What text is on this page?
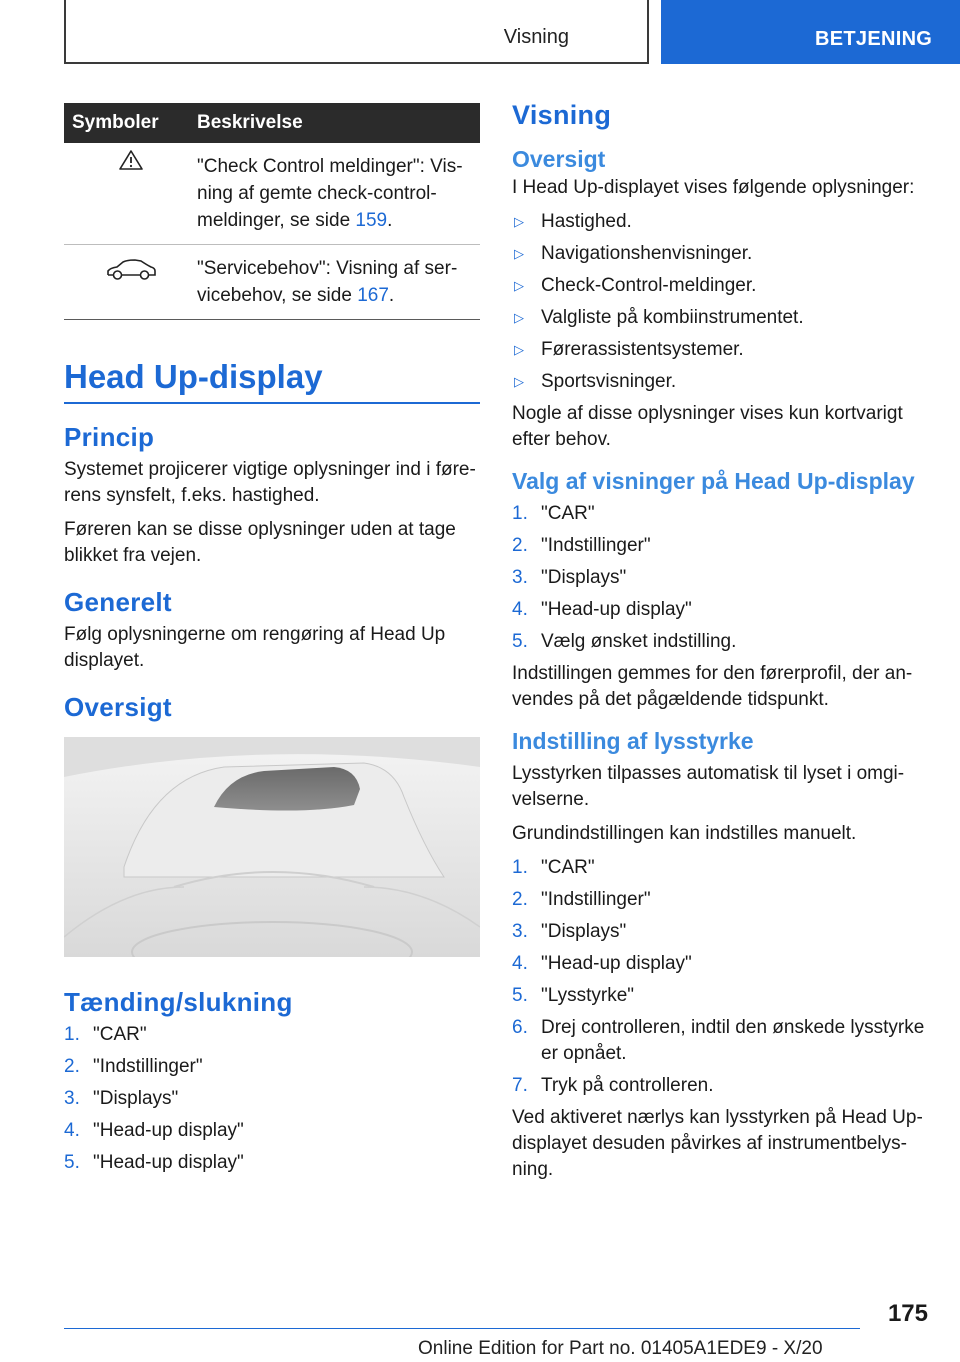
Visning	BETJENING
Symboler	Beskrivelse
	"Check Control meldinger": Vis-ning af gemte check-control-meldinger, se side 159.
	"Servicebehov": Visning af ser-vicebehov, se side 167.
Head Up-display
Princip

Systemet projicerer vigtige oplysninger ind i føre-rens synsfelt, f.eks. hastighed.

Føreren kan se disse oplysninger uden at tage blikket fra vejen.

Generelt

Følg oplysningerne om rengøring af Head Up displayet.

Oversigt
Tænding/slukning
1. "CAR"
2. "Indstillinger"
3. "Displays"
4. "Head-up display"
5. "Head-up display"
Visning
Oversigt

I Head Up-displayet vises følgende oplysninger:

▷ Hastighed.
▷ Navigationshenvisninger.
▷ Check-Control-meldinger.
▷ Valgliste på kombiinstrumentet.
▷ Førerassistentsystemer.
▷ Sportsvisninger.

Nogle af disse oplysninger vises kun kortvarigt efter behov.

Valg af visninger på Head Up-display
1. "CAR"
2. "Indstillinger"
3. "Displays"
4. "Head-up display"
5. Vælg ønsket indstilling.

Indstillingen gemmes for den førerprofil, der an-vendes på det pågældende tidspunkt.

Indstilling af lysstyrke

Lysstyrken tilpasses automatisk til lyset i omgi-velserne.

Grundindstillingen kan indstilles manuelt.

1. "CAR"
2. "Indstillinger"
3. "Displays"
4. "Head-up display"
5. "Lysstyrke"
6. Drej controlleren, indtil den ønskede lysstyrke er opnået.
7. Tryk på controlleren.

Ved aktiveret nærlys kan lysstyrken på Head Up-displayet desuden påvirkes af instrumentbelys-ning.

175
Online Edition for Part no. 01405A1EDE9 - X/20
